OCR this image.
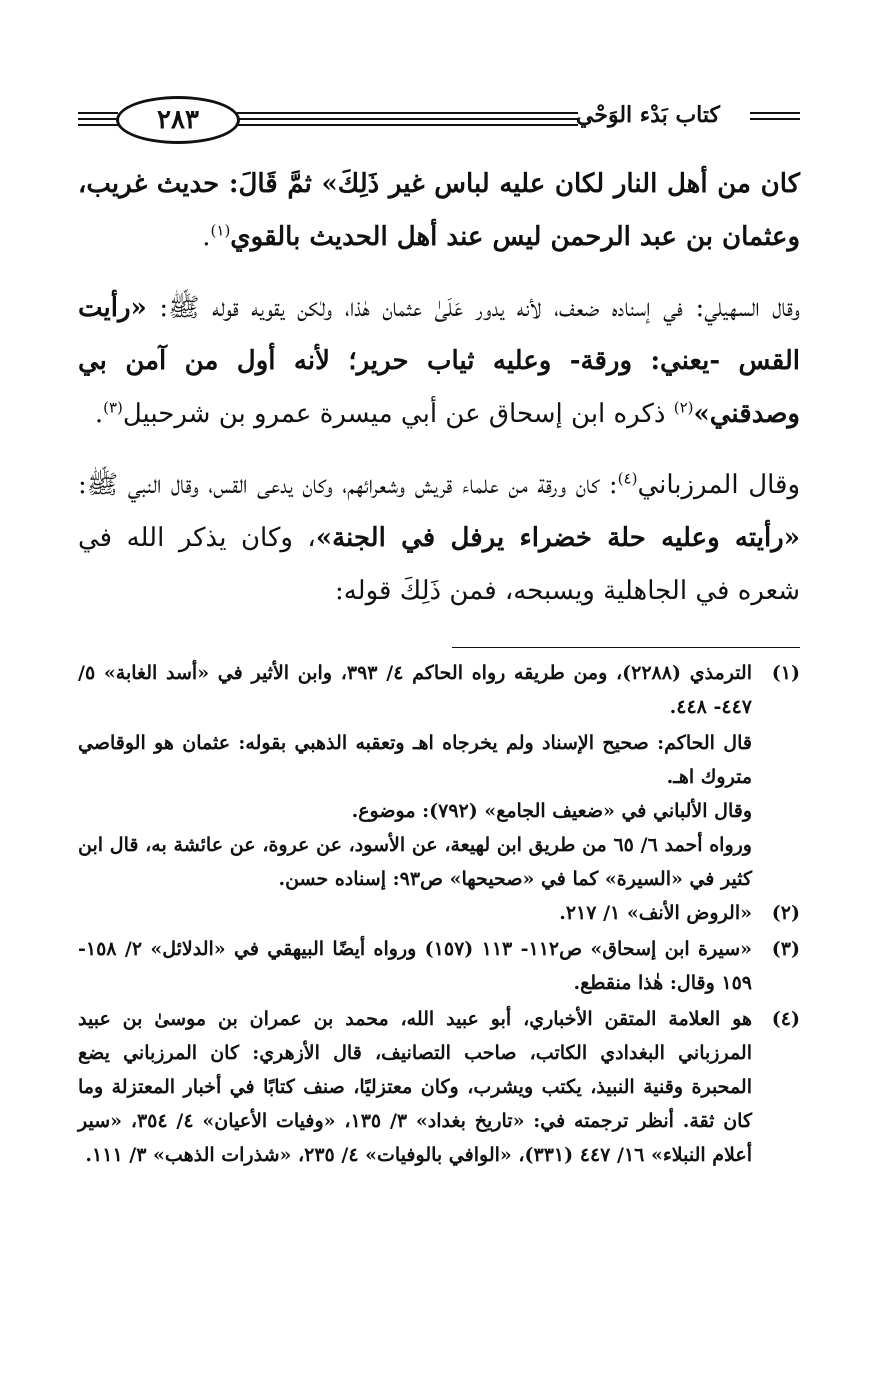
٢٨٣	كتاب بَدْء الوَحْي

كان من أهل النار لكان عليه لباس غير ذَلِكَ» ثمَّ قَالَ: حديث غريب، وعثمان بن عبد الرحمن ليس عند أهل الحديث بالقوي$^{(١)}$.

وقال السهيلي: في إسناده ضعف، لأنه يدور عَلَىٰ عثمان هٰذا، ولٰكن يقويه قوله ﷺ: «رأيت القس -يعني: ورقة- وعليه ثياب حرير؛ لأنه أول من آمن بي وصدقني»$^{(٢)}$ ذكره ابن إسحاق عن أبي ميسرة عمرو بن شرحبيل$^{(٣)}$.

وقال المرزباني$^{(٤)}$: كان ورقة من علماء قريش وشعرائهم، وكان يدعى القس، وقال النبي ﷺ: «رأيته وعليه حلة خضراء يرفل في الجنة»، وكان يذكر الله في شعره في الجاهلية ويسبحه، فمن ذَلِكَ قوله:

(١)

الترمذي (٢٢٨٨)، ومن طريقه رواه الحاكم ٤/ ٣٩٣، وابن الأثير في «أسد الغابة» ٥/ ٤٤٧- ٤٤٨.

قال الحاكم: صحيح الإسناد ولم يخرجاه اهـ وتعقبه الذهبي بقوله: عثمان هو الوقاصي متروك اهـ.

وقال الألباني في «ضعيف الجامع» (٧٩٢): موضوع.

ورواه أحمد ٦/ ٦٥ من طريق ابن لهيعة، عن الأسود، عن عروة، عن عائشة به، قال ابن كثير في «السيرة» كما في «صحيحها» ص٩٣: إسناده حسن.

(٢)
«الروض الأنف» ١/ ٢١٧.
(٣)
«سيرة ابن إسحاق» ص١١٢- ١١٣ (١٥٧) ورواه أيضًا البيهقي في «الدلائل» ٢/ ١٥٨- ١٥٩ وقال: هٰذا منقطع.
(٤)
هو العلامة المتقن الأخباري، أبو عبيد الله، محمد بن عمران بن موسىٰ بن عبيد المرزباني البغدادي الكاتب، صاحب التصانيف، قال الأزهري: كان المرزباني يضع المحبرة وقنية النبيذ، يكتب ويشرب، وكان معتزليًا، صنف كتابًا في أخبار المعتزلة وما كان ثقة. أنظر ترجمته في: «تاريخ بغداد» ٣/ ١٣٥، «وفيات الأعيان» ٤/ ٣٥٤، «سير أعلام النبلاء» ١٦/ ٤٤٧ (٣٣١)، «الوافي بالوفيات» ٤/ ٢٣٥، «شذرات الذهب» ٣/ ١١١.
